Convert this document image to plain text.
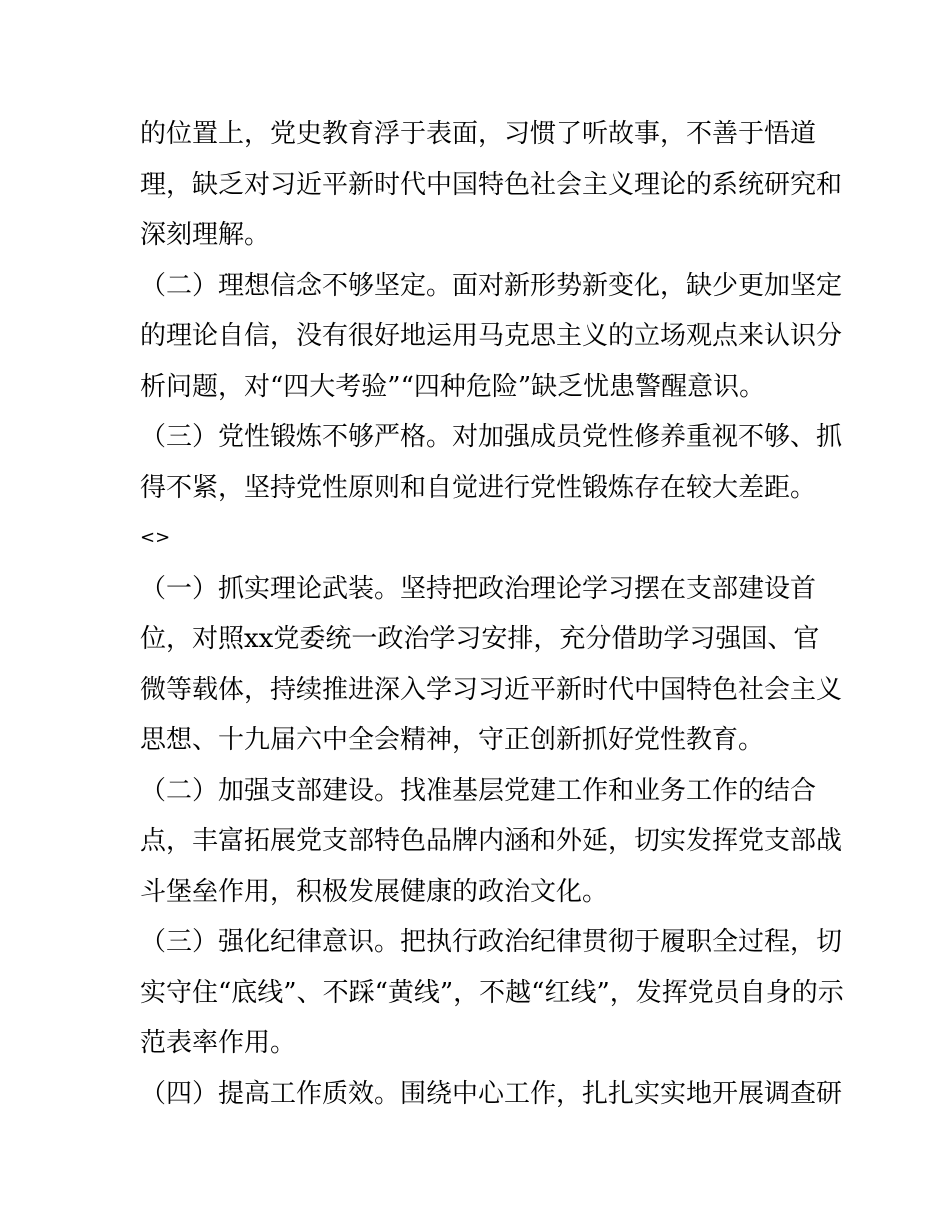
的位置上，党史教育浮于表面，习惯了听故事，不善于悟道
理，缺乏对习近平新时代中国特色社会主义理论的系统研究和
深刻理解。
（二）理想信念不够坚定。面对新形势新变化，缺少更加坚定
的理论自信，没有很好地运用马克思主义的立场观点来认识分
析问题，对“四大考验”“四种危险”缺乏忧患警醒意识。
（三）党性锻炼不够严格。对加强成员党性修养重视不够、抓
得不紧，坚持党性原则和自觉进行党性锻炼存在较大差距。
<>
（一）抓实理论武装。坚持把政治理论学习摆在支部建设首
位，对照xx党委统一政治学习安排，充分借助学习强国、官
微等载体，持续推进深入学习习近平新时代中国特色社会主义
思想、十九届六中全会精神，守正创新抓好党性教育。
（二）加强支部建设。找准基层党建工作和业务工作的结合
点，丰富拓展党支部特色品牌内涵和外延，切实发挥党支部战
斗堡垒作用，积极发展健康的政治文化。
（三）强化纪律意识。把执行政治纪律贯彻于履职全过程，切
实守住“底线”、不踩“黄线”，不越“红线”，发挥党员自身的示
范表率作用。
（四）提高工作质效。围绕中心工作，扎扎实实地开展调查研
